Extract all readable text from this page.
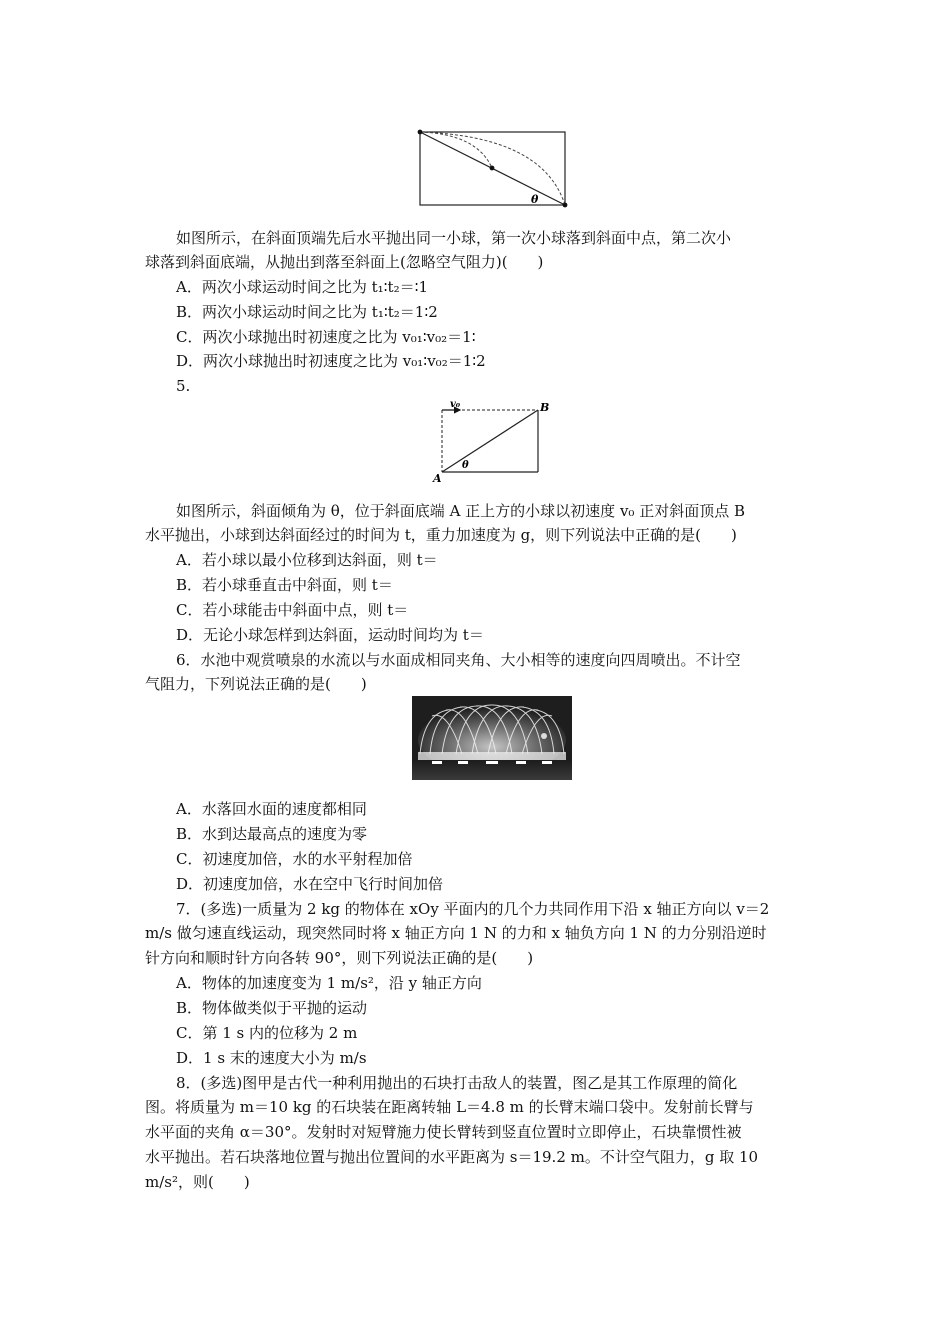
θ
如图所示，在斜面顶端先后水平抛出同一小球，第一次小球落到斜面中点，第二次小
球落到斜面底端，从抛出到落至斜面上(忽略空气阻力)(　　)
A．两次小球运动时间之比为 t₁∶t₂＝∶1
B．两次小球运动时间之比为 t₁∶t₂＝1∶2
C．两次小球抛出时初速度之比为 v₀₁∶v₀₂＝1∶
D．两次小球抛出时初速度之比为 v₀₁∶v₀₂＝1∶2
5.
v₀	B
A
θ
如图所示，斜面倾角为 θ，位于斜面底端 A 正上方的小球以初速度 v₀ 正对斜面顶点 B
水平抛出，小球到达斜面经过的时间为 t，重力加速度为 g，则下列说法中正确的是(　　)
A．若小球以最小位移到达斜面，则 t＝
B．若小球垂直击中斜面，则 t＝
C．若小球能击中斜面中点，则 t＝
D．无论小球怎样到达斜面，运动时间均为 t＝
6．水池中观赏喷泉的水流以与水面成相同夹角、大小相等的速度向四周喷出。不计空
气阻力，下列说法正确的是(　　)
A．水落回水面的速度都相同
B．水到达最高点的速度为零
C．初速度加倍，水的水平射程加倍
D．初速度加倍，水在空中飞行时间加倍
7．(多选)一质量为 2 kg 的物体在 xOy 平面内的几个力共同作用下沿 x 轴正方向以 v＝2
m/s 做匀速直线运动，现突然同时将 x 轴正方向 1 N 的力和 x 轴负方向 1 N 的力分别沿逆时
针方向和顺时针方向各转 90°，则下列说法正确的是(　　)
A．物体的加速度变为 1 m/s²，沿 y 轴正方向
B．物体做类似于平抛的运动
C．第 1 s 内的位移为 2 m
D．1 s 末的速度大小为 m/s
8．(多选)图甲是古代一种利用抛出的石块打击敌人的装置，图乙是其工作原理的简化
图。将质量为 m＝10 kg 的石块装在距离转轴 L＝4.8 m 的长臂末端口袋中。发射前长臂与
水平面的夹角 α＝30°。发射时对短臂施力使长臂转到竖直位置时立即停止，石块靠惯性被
水平抛出。若石块落地位置与抛出位置间的水平距离为 s＝19.2 m。不计空气阻力，g 取 10
m/s²，则(　　)
